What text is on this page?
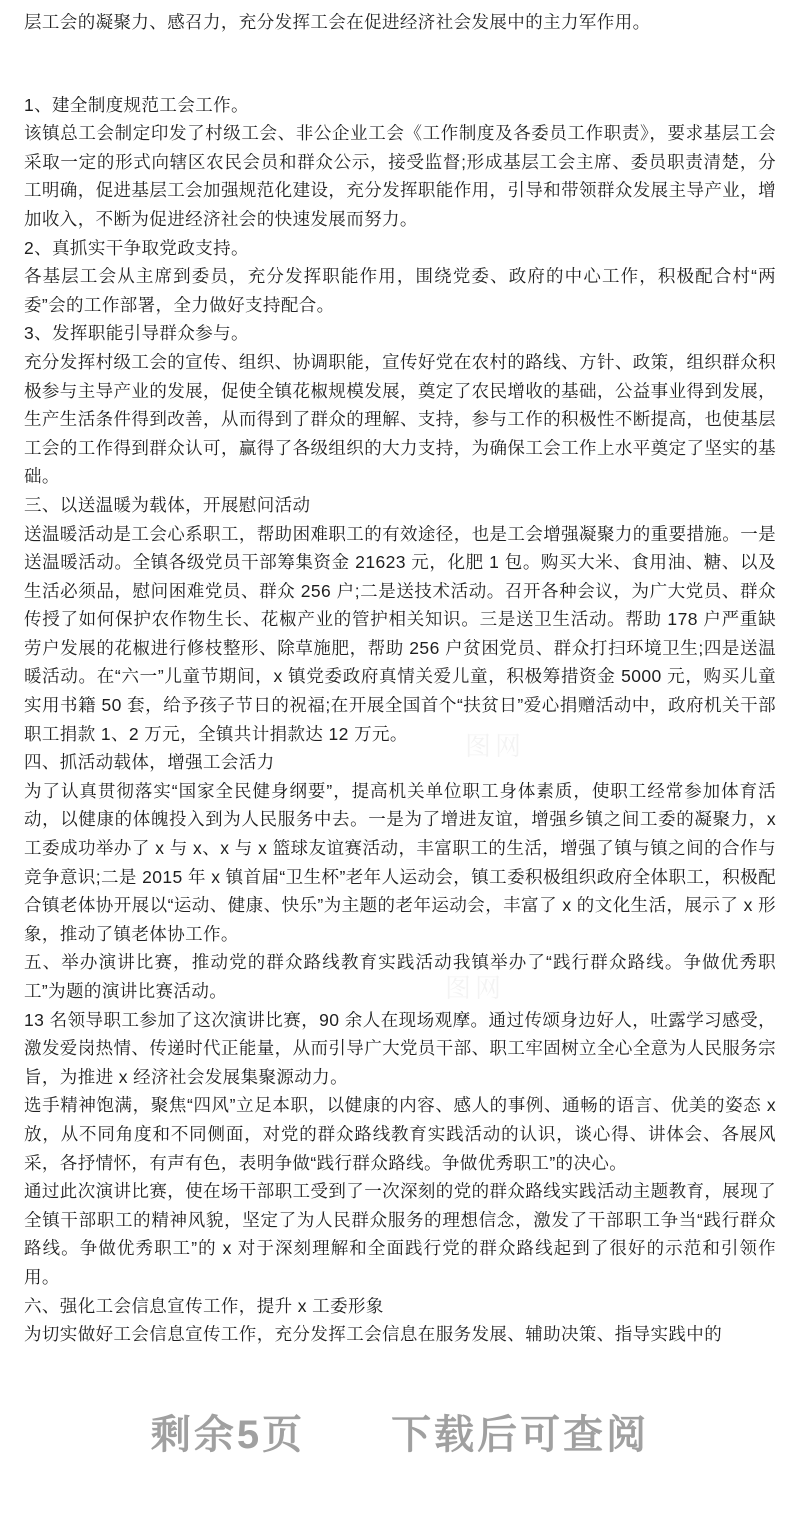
层工会的凝聚力、感召力，充分发挥工会在促进经济社会发展中的主力军作用。

1、建全制度规范工会工作。

该镇总工会制定印发了村级工会、非公企业工会《工作制度及各委员工作职责》，要求基层工会采取一定的形式向辖区农民会员和群众公示，接受监督;形成基层工会主席、委员职责清楚，分工明确，促进基层工会加强规范化建设，充分发挥职能作用，引导和带领群众发展主导产业，增加收入，不断为促进经济社会的快速发展而努力。

2、真抓实干争取党政支持。

各基层工会从主席到委员，充分发挥职能作用，围绕党委、政府的中心工作，积极配合村“两委”会的工作部署，全力做好支持配合。

3、发挥职能引导群众参与。

充分发挥村级工会的宣传、组织、协调职能，宣传好党在农村的路线、方针、政策，组织群众积极参与主导产业的发展，促使全镇花椒规模发展，奠定了农民增收的基础，公益事业得到发展，生产生活条件得到改善，从而得到了群众的理解、支持，参与工作的积极性不断提高，也使基层工会的工作得到群众认可，赢得了各级组织的大力支持，为确保工会工作上水平奠定了坚实的基础。

三、以送温暖为载体，开展慰问活动

送温暖活动是工会心系职工，帮助困难职工的有效途径，也是工会增强凝聚力的重要措施。一是送温暖活动。全镇各级党员干部筹集资金 21623 元，化肥 1 包。购买大米、食用油、糖、以及生活必须品，慰问困难党员、群众 256 户;二是送技术活动。召开各种会议，为广大党员、群众传授了如何保护农作物生长、花椒产业的管护相关知识。三是送卫生活动。帮助 178 户严重缺劳户发展的花椒进行修枝整形、除草施肥，帮助 256 户贫困党员、群众打扫环境卫生;四是送温暖活动。在“六一”儿童节期间，x 镇党委政府真情关爱儿童，积极筹措资金 5000 元，购买儿童实用书籍 50 套，给予孩子节日的祝福;在开展全国首个“扶贫日”爱心捐赠活动中，政府机关干部职工捐款 1、2 万元，全镇共计捐款达 12 万元。

四、抓活动载体，增强工会活力

为了认真贯彻落实“国家全民健身纲要”，提高机关单位职工身体素质，使职工经常参加体育活动，以健康的体魄投入到为人民服务中去。一是为了增进友谊，增强乡镇之间工委的凝聚力，x 工委成功举办了 x 与 x、x 与 x 篮球友谊赛活动，丰富职工的生活，增强了镇与镇之间的合作与竞争意识;二是 2015 年 x 镇首届“卫生杯”老年人运动会，镇工委积极组织政府全体职工，积极配合镇老体协开展以“运动、健康、快乐”为主题的老年运动会，丰富了 x 的文化生活，展示了 x 形象，推动了镇老体协工作。

五、举办演讲比赛，推动党的群众路线教育实践活动我镇举办了“践行群众路线。争做优秀职工”为题的演讲比赛活动。

13 名领导职工参加了这次演讲比赛，90 余人在现场观摩。通过传颂身边好人，吐露学习感受，激发爱岗热情、传递时代正能量，从而引导广大党员干部、职工牢固树立全心全意为人民服务宗旨，为推进 x 经济社会发展集聚源动力。

选手精神饱满，聚焦“四风”立足本职，以健康的内容、感人的事例、通畅的语言、优美的姿态 x 放，从不同角度和不同侧面，对党的群众路线教育实践活动的认识，谈心得、讲体会、各展风采，各抒情怀，有声有色，表明争做“践行群众路线。争做优秀职工”的决心。

通过此次演讲比赛，使在场干部职工受到了一次深刻的党的群众路线实践活动主题教育，展现了全镇干部职工的精神风貌，坚定了为人民群众服务的理想信念，激发了干部职工争当“践行群众路线。争做优秀职工”的 x 对于深刻理解和全面践行党的群众路线起到了很好的示范和引领作用。

六、强化工会信息宣传工作，提升 x 工委形象

为切实做好工会信息宣传工作，充分发挥工会信息在服务发展、辅助决策、指导实践中的

剩余5页　　下载后可查阅
图网
图网
